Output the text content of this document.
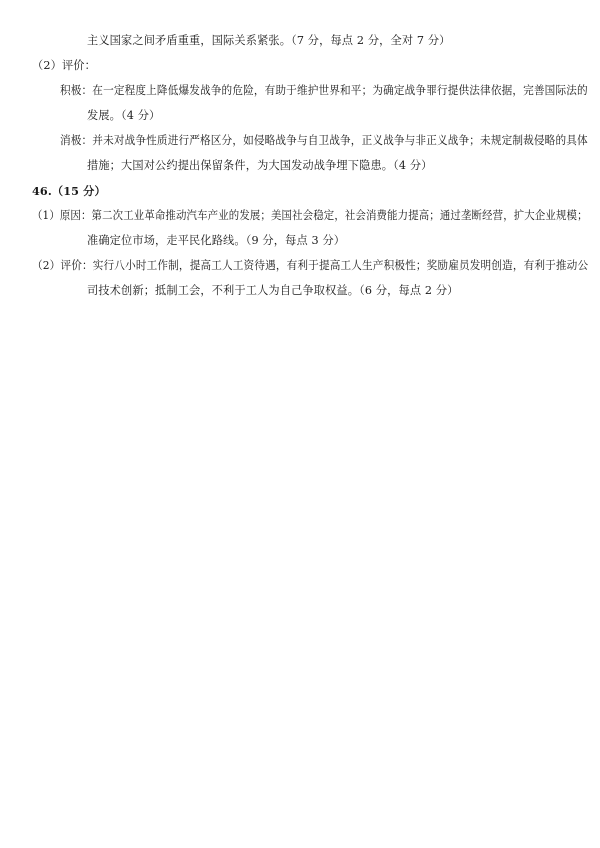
主义国家之间矛盾重重，国际关系紧张。（7 分，每点 2 分，全对 7 分）
（2）评价：
积极：在一定程度上降低爆发战争的危险，有助于维护世界和平；为确定战争罪行提供法律依据，完善国际法的
发展。（4 分）
消极：并未对战争性质进行严格区分，如侵略战争与自卫战争，正义战争与非正义战争；未规定制裁侵略的具体
措施；大国对公约提出保留条件，为大国发动战争埋下隐患。（4 分）
46.（15 分）
（1）原因：第二次工业革命推动汽车产业的发展；美国社会稳定，社会消费能力提高；通过垄断经营，扩大企业规模；
准确定位市场，走平民化路线。（9 分，每点 3 分）
（2）评价：实行八小时工作制，提高工人工资待遇，有利于提高工人生产积极性；奖励雇员发明创造，有利于推动公
司技术创新；抵制工会，不利于工人为自己争取权益。（6 分，每点 2 分）
